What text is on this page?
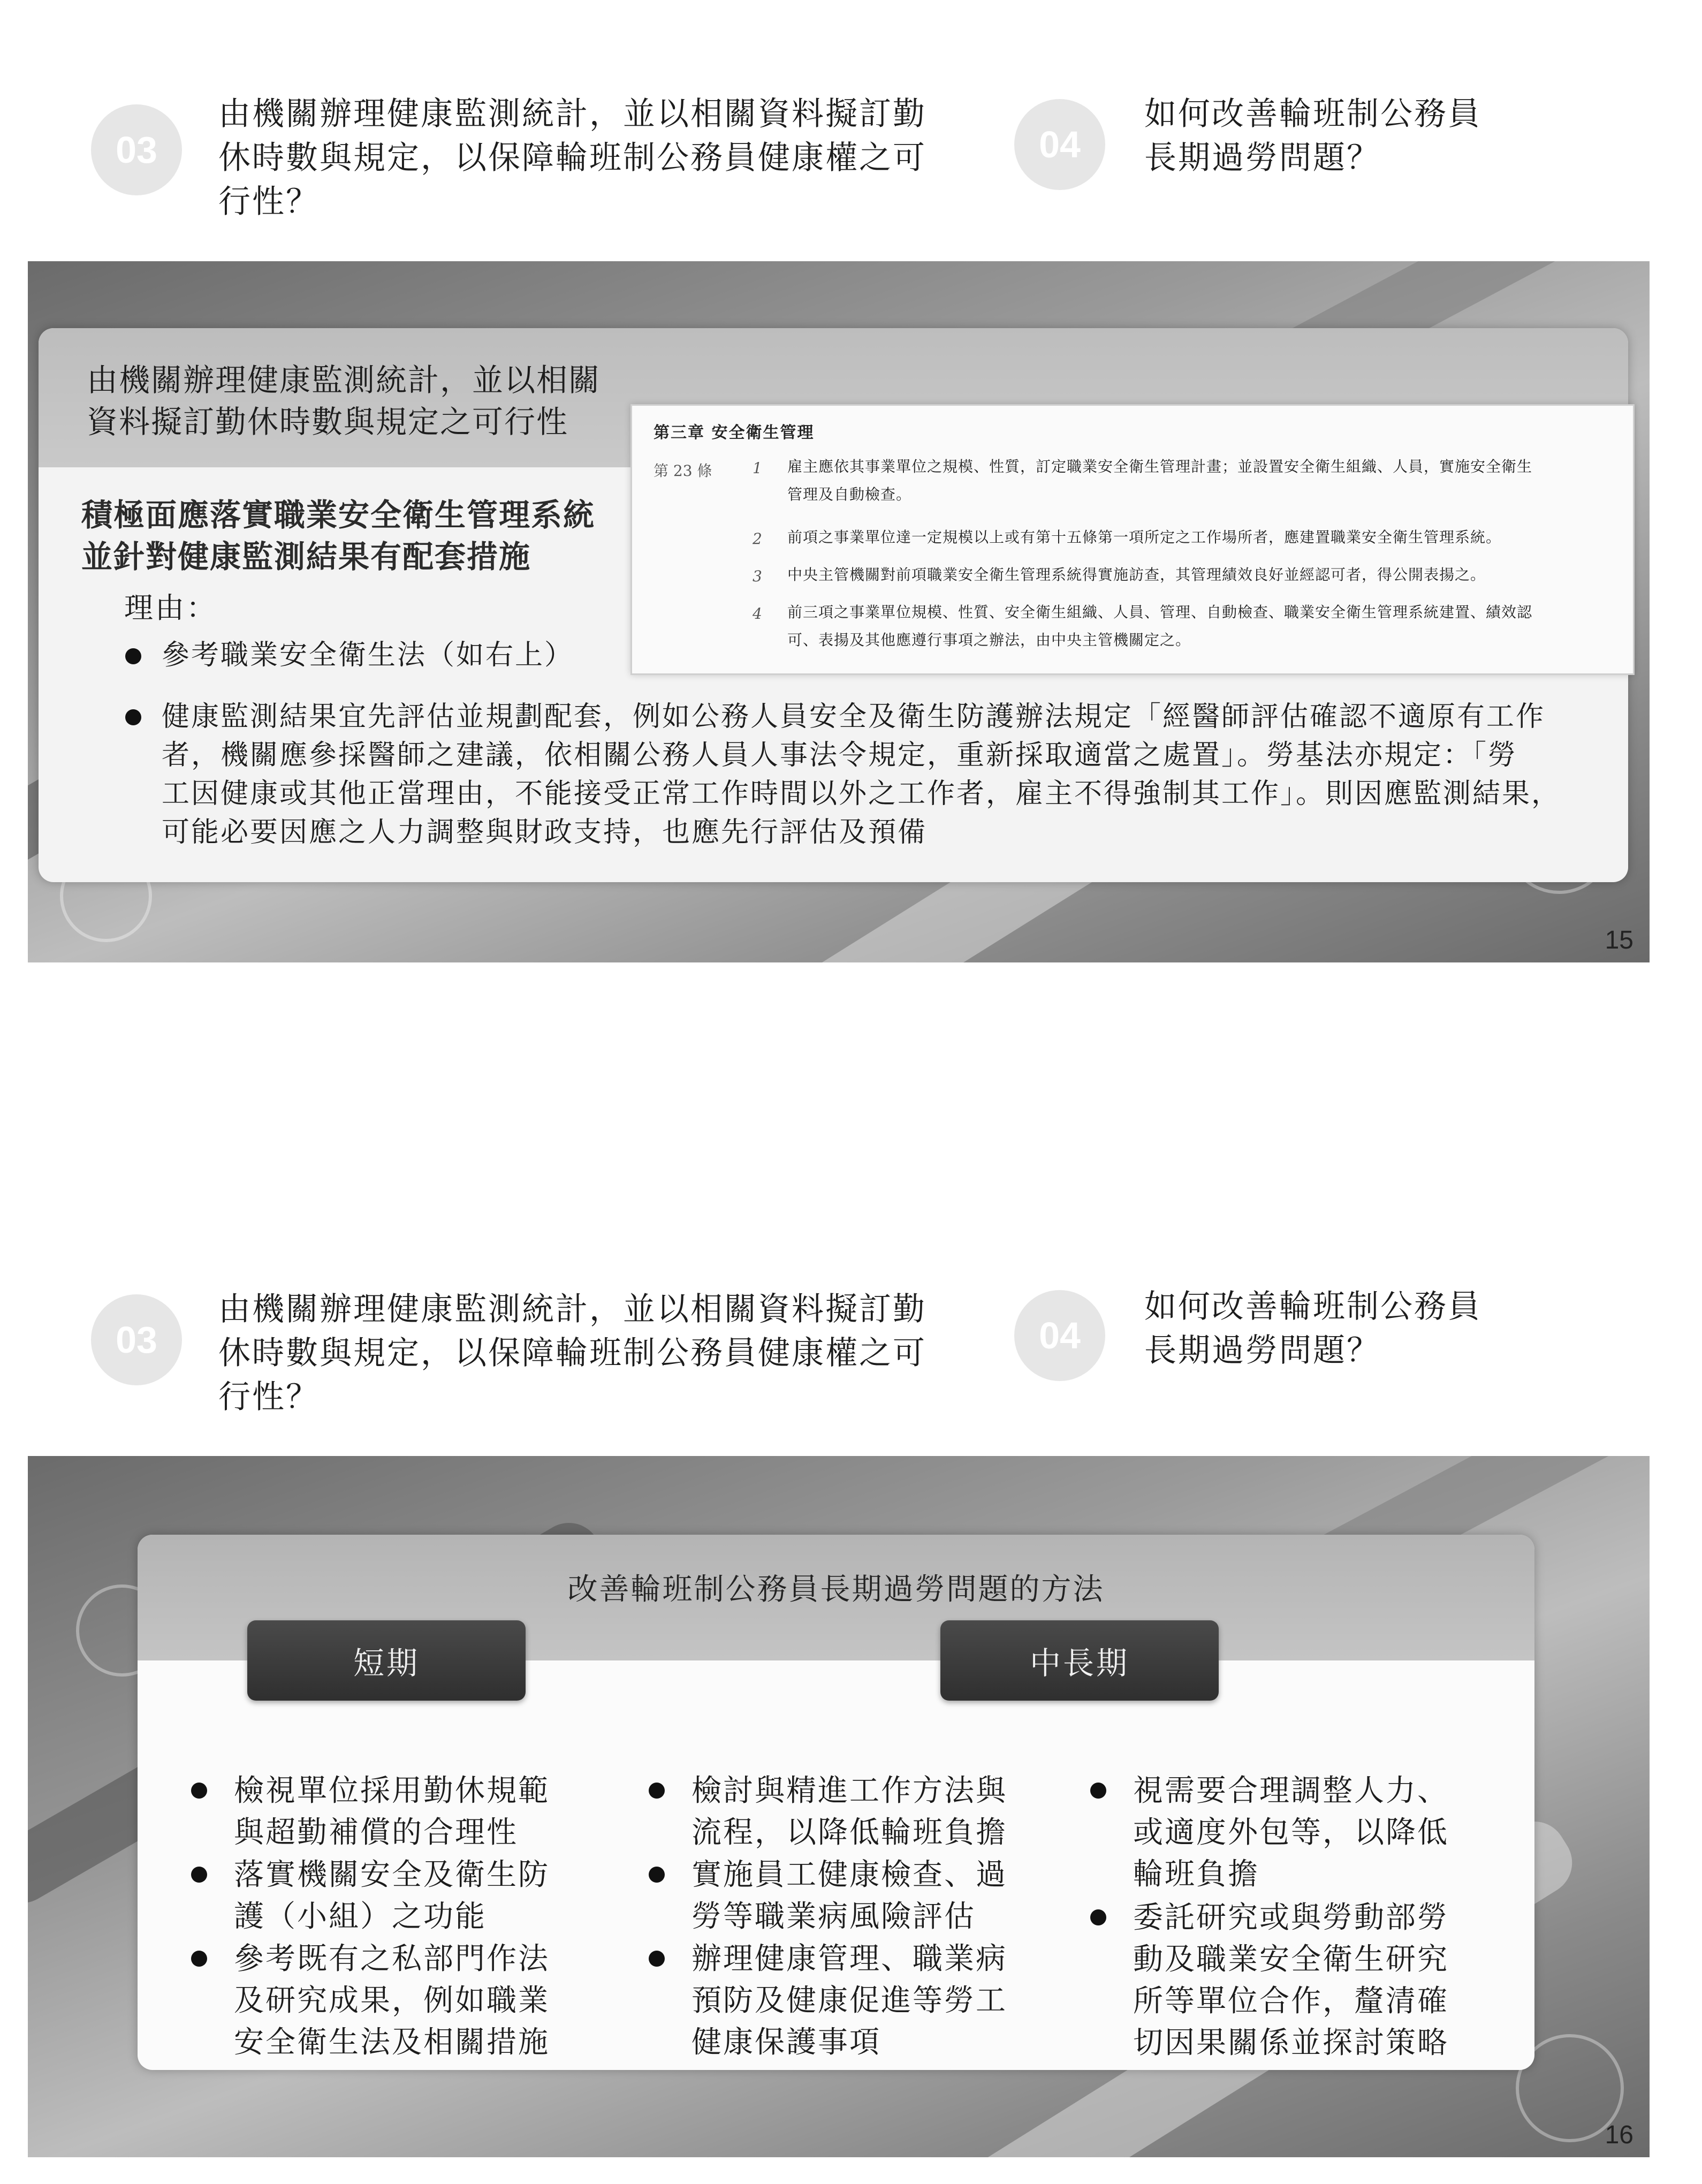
03
由機關辦理健康監測統計，並以相關資料擬訂勤
休時數與規定，以保障輪班制公務員健康權之可
行性？
04
如何改善輪班制公務員
長期過勞問題？
由機關辦理健康監測統計，並以相關
資料擬訂勤休時數與規定之可行性
積極面應落實職業安全衛生管理系統
並針對健康監測結果有配套措施
理由：
參考職業安全衛生法（如右上）
健康監測結果宜先評估並規劃配套，例如公務人員安全及衛生防護辦法規定「經醫師評估確認不適原有工作
者，機關應參採醫師之建議，依相關公務人員人事法令規定，重新採取適當之處置」。勞基法亦規定：「勞
工因健康或其他正當理由，不能接受正常工作時間以外之工作者，雇主不得強制其工作」。則因應監測結果，
可能必要因應之人力調整與財政支持，也應先行評估及預備
15
第三章 安全衛生管理
第 23 條	1 雇主應依其事業單位之規模、性質，訂定職業安全衛生管理計畫；並設置安全衛生組織、人員，實施安全衛生
管理及自動檢查。
2 前項之事業單位達一定規模以上或有第十五條第一項所定之工作場所者，應建置職業安全衛生管理系統。
3 中央主管機關對前項職業安全衛生管理系統得實施訪查，其管理績效良好並經認可者，得公開表揚之。
4 前三項之事業單位規模、性質、安全衛生組織、人員、管理、自動檢查、職業安全衛生管理系統建置、績效認
可、表揚及其他應遵行事項之辦法，由中央主管機關定之。
03
由機關辦理健康監測統計，並以相關資料擬訂勤
休時數與規定，以保障輪班制公務員健康權之可
行性？
04
如何改善輪班制公務員
長期過勞問題？
改善輪班制公務員長期過勞問題的方法
短期	中長期
檢視單位採用勤休規範
與超勤補償的合理性
落實機關安全及衛生防
護（小組）之功能
參考既有之私部門作法
及研究成果，例如職業
安全衛生法及相關措施
檢討與精進工作方法與
流程，以降低輪班負擔
實施員工健康檢查、過
勞等職業病風險評估
辦理健康管理、職業病
預防及健康促進等勞工
健康保護事項
視需要合理調整人力、
或適度外包等，以降低
輪班負擔
委託研究或與勞動部勞
動及職業安全衛生研究
所等單位合作，釐清確
切因果關係並探討策略
16
